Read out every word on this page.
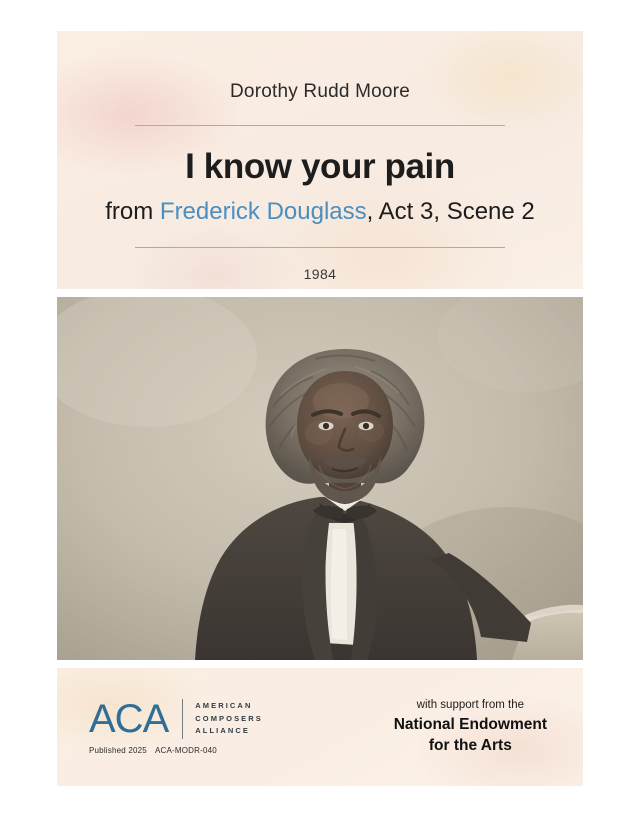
Dorothy Rudd Moore
I know your pain
from Frederick Douglass, Act 3, Scene 2
1984
ACA	AMERICAN
COMPOSERS
ALLIANCE
Published 2025 ACA-MODR-040
with support from the
National Endowment
for the Arts
